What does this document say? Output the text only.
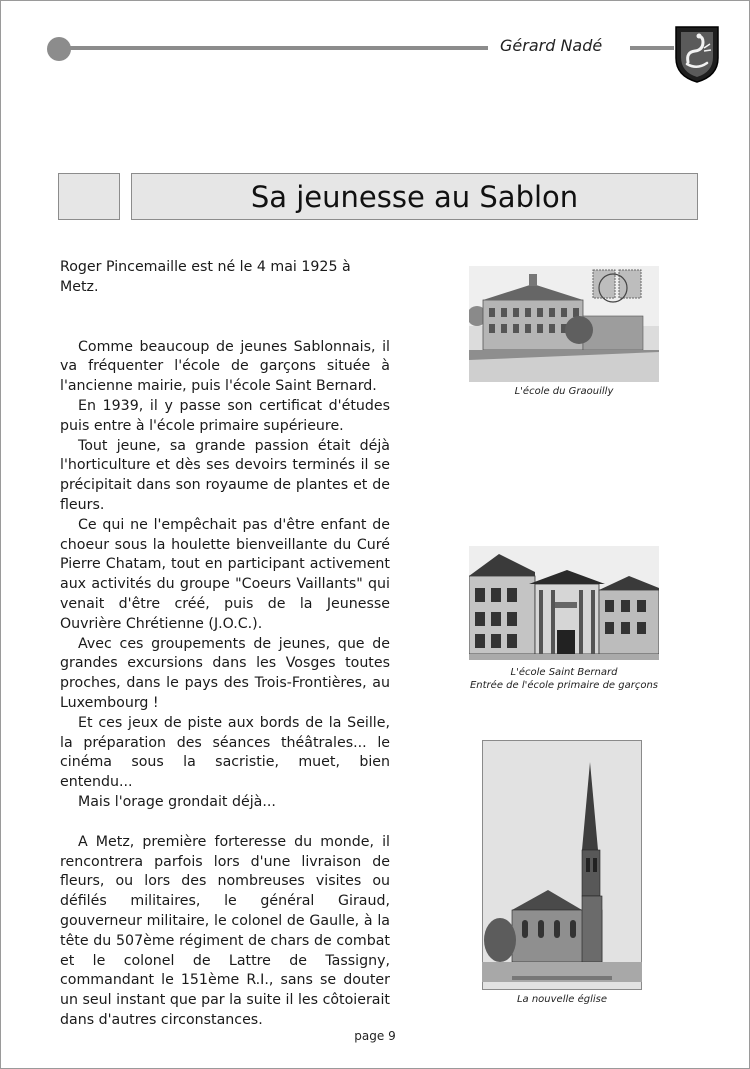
Gérard Nadé
Sa jeunesse au Sablon

Roger Pincemaille est né le 4 mai 1925 à Metz.

Comme beaucoup de jeunes Sablonnais, il va fréquenter l'école de garçons située à l'ancienne mairie, puis l'école Saint Bernard.

En 1939, il y passe son certificat d'études puis entre à l'école primaire supérieure.

Tout jeune, sa grande passion était déjà l'horticulture et dès ses devoirs terminés il se précipitait dans son royaume de plantes et de fleurs.

Ce qui ne l'empêchait pas d'être enfant de choeur sous la houlette bienveillante du Curé Pierre Chatam, tout en participant activement aux activités du groupe "Coeurs Vaillants" qui venait d'être créé, puis de la Jeunesse Ouvrière Chrétienne (J.O.C.).

Avec ces groupements de jeunes, que de grandes excursions dans les Vosges toutes proches, dans le pays des Trois-Frontières, au Luxembourg !

Et ces jeux de piste aux bords de la Seille, la préparation des séances théâtrales... le cinéma sous la sacristie, muet, bien entendu...

Mais l'orage grondait déjà...

A Metz, première forteresse du monde, il rencontrera parfois lors d'une livraison de fleurs, ou lors des nombreuses visites ou défilés militaires, le général Giraud, gouverneur militaire, le colonel de Gaulle, à la tête du 507ème régiment de chars de combat et le colonel de Lattre de Tassigny, commandant le 151ème R.I., sans se douter un seul instant que par la suite il les côtoierait dans d'autres circonstances.

L'école du Graouilly
L'école Saint Bernard
Entrée de l'école primaire de garçons
La nouvelle église
page 9
